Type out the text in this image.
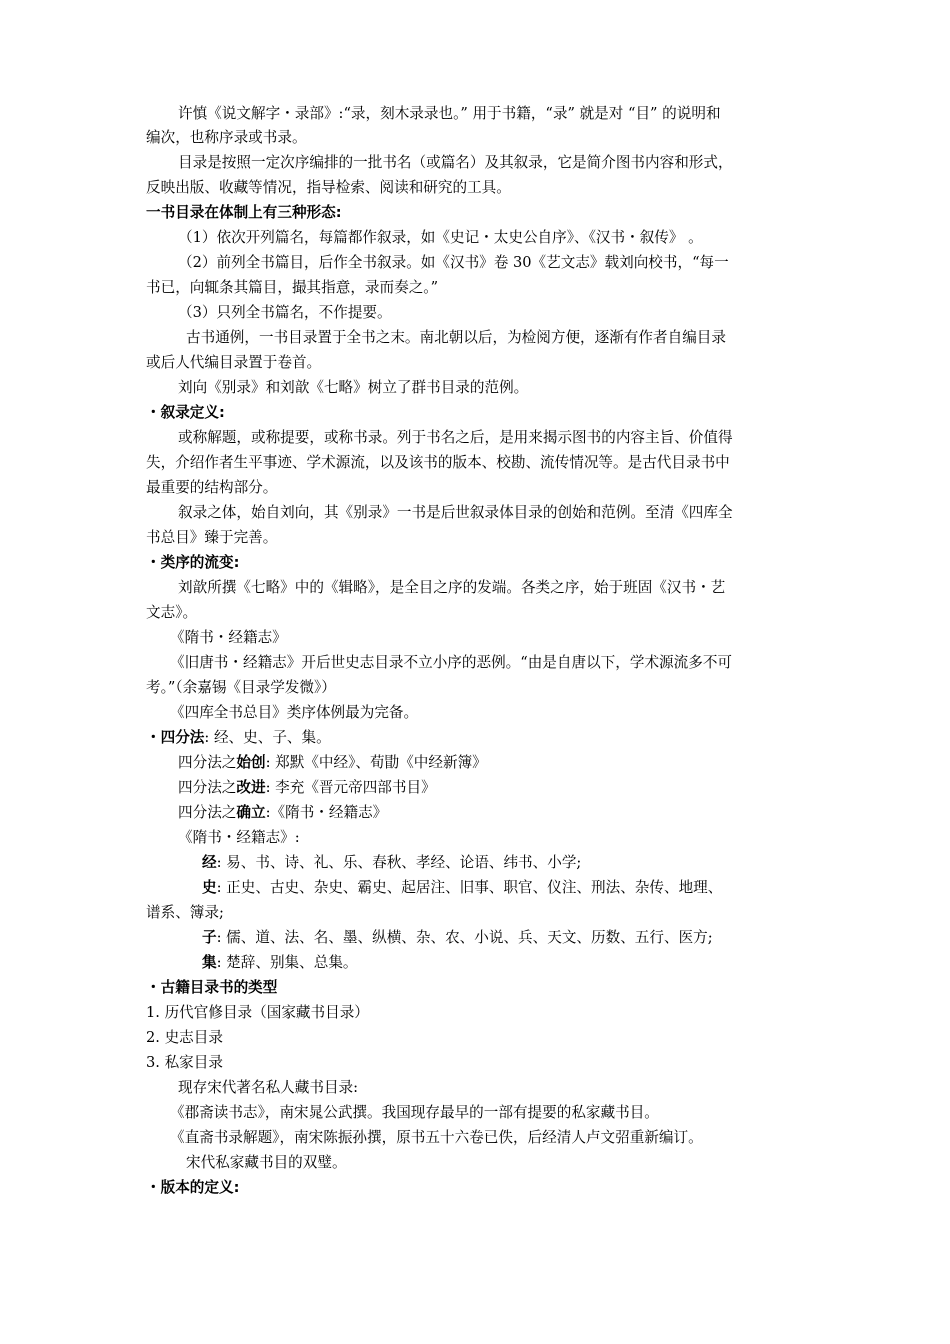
许慎《说文解字・录部》:“录，刻木录录也。” 用于书籍，“录” 就是对 “目” 的说明和
编次，也称序录或书录。
目录是按照一定次序编排的一批书名（或篇名）及其叙录，它是简介图书内容和形式，
反映出版、收藏等情况，指导检索、阅读和研究的工具。
一书目录在体制上有三种形态:
（1）依次开列篇名，每篇都作叙录，如《史记・太史公自序》、《汉书・叙传》 。
（2）前列全书篇目，后作全书叙录。如《汉书》卷 30《艺文志》载刘向校书，“每一
书已，向辄条其篇目，撮其指意，录而奏之。”
（3）只列全书篇名，不作提要。
古书通例，一书目录置于全书之末。南北朝以后，为检阅方便，逐渐有作者自编目录
或后人代编目录置于卷首。
刘向《别录》和刘歆《七略》树立了群书目录的范例。
・叙录定义:
或称解题，或称提要，或称书录。列于书名之后，是用来揭示图书的内容主旨、价值得
失，介绍作者生平事迹、学术源流，以及该书的版本、校勘、流传情况等。是古代目录书中
最重要的结构部分。
叙录之体，始自刘向，其《别录》一书是后世叙录体目录的创始和范例。至清《四库全
书总目》臻于完善。
・类序的流变:
刘歆所撰《七略》中的《辑略》，是全目之序的发端。各类之序，始于班固《汉书・艺
文志》。
《隋书・经籍志》
《旧唐书・经籍志》开后世史志目录不立小序的恶例。“由是自唐以下，学术源流多不可
考。”（余嘉锡《目录学发微》）
《四库全书总目》类序体例最为完备。
・四分法: 经、史、子、集。
四分法之始创: 郑默《中经》、荀勖《中经新簿》
四分法之改进: 李充《晋元帝四部书目》
四分法之确立:《隋书・经籍志》
《隋书・经籍志》:
经: 易、书、诗、礼、乐、春秋、孝经、论语、纬书、小学;
史: 正史、古史、杂史、霸史、起居注、旧事、职官、仪注、刑法、杂传、地理、
谱系、簿录;
子: 儒、道、法、名、墨、纵横、杂、农、小说、兵、天文、历数、五行、医方;
集: 楚辞、别集、总集。
・古籍目录书的类型
1. 历代官修目录（国家藏书目录）
2. 史志目录
3. 私家目录
现存宋代著名私人藏书目录:
《郡斋读书志》，南宋晁公武撰。我国现存最早的一部有提要的私家藏书目。
《直斋书录解题》，南宋陈振孙撰，原书五十六卷已佚，后经清人卢文弨重新编订。
宋代私家藏书目的双璧。
・版本的定义:
